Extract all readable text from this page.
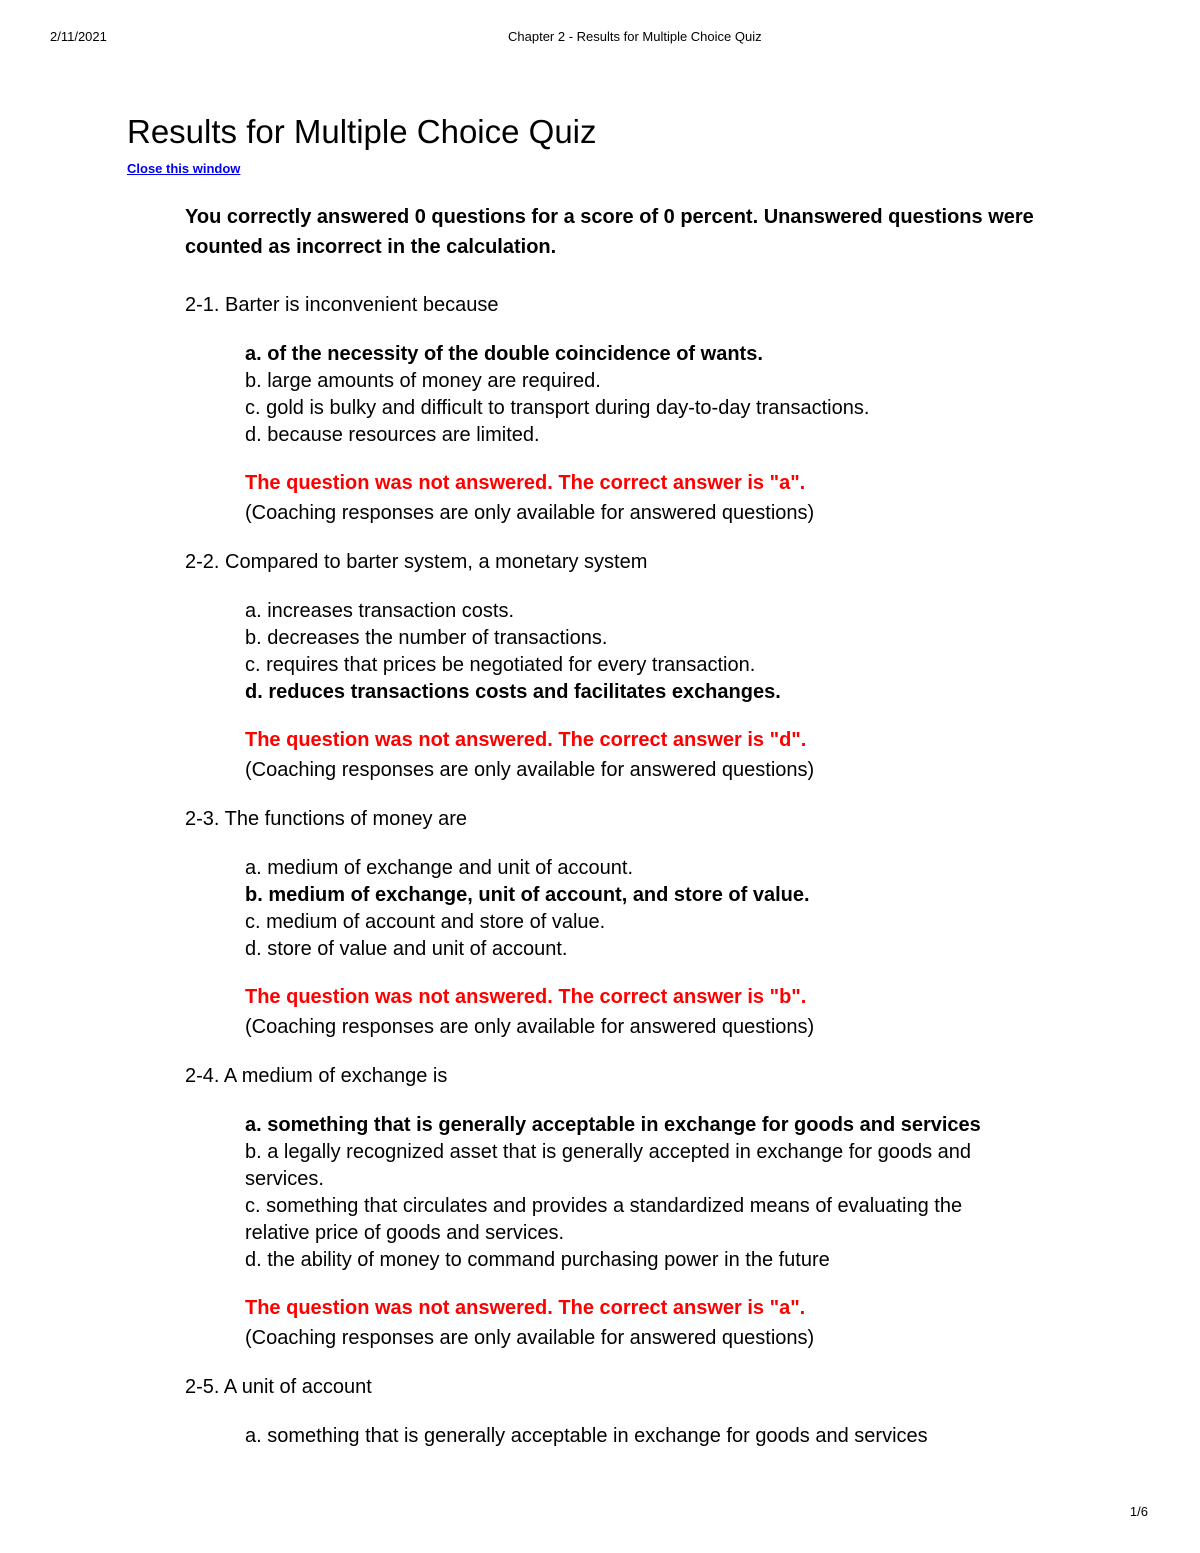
2/11/2021	Chapter 2 - Results for Multiple Choice Quiz
1/6
Results for Multiple Choice Quiz
Close this window

You correctly answered 0 questions for a score of 0 percent. Unanswered questions were counted as incorrect in the calculation.

2-1. Barter is inconvenient because

a. of the necessity of the double coincidence of wants.
b. large amounts of money are required.
c. gold is bulky and difficult to transport during day-to-day transactions.
d. because resources are limited.
The question was not answered. The correct answer is "a".
(Coaching responses are only available for answered questions)

2-2. Compared to barter system, a monetary system

a. increases transaction costs.
b. decreases the number of transactions.
c. requires that prices be negotiated for every transaction.
d. reduces transactions costs and facilitates exchanges.
The question was not answered. The correct answer is "d".
(Coaching responses are only available for answered questions)

2-3. The functions of money are

a. medium of exchange and unit of account.
b. medium of exchange, unit of account, and store of value.
c. medium of account and store of value.
d. store of value and unit of account.
The question was not answered. The correct answer is "b".
(Coaching responses are only available for answered questions)

2-4. A medium of exchange is

a. something that is generally acceptable in exchange for goods and services
b. a legally recognized asset that is generally accepted in exchange for goods and services.
c. something that circulates and provides a standardized means of evaluating the relative price of goods and services.
d. the ability of money to command purchasing power in the future
The question was not answered. The correct answer is "a".
(Coaching responses are only available for answered questions)

2-5. A unit of account

a. something that is generally acceptable in exchange for goods and services
